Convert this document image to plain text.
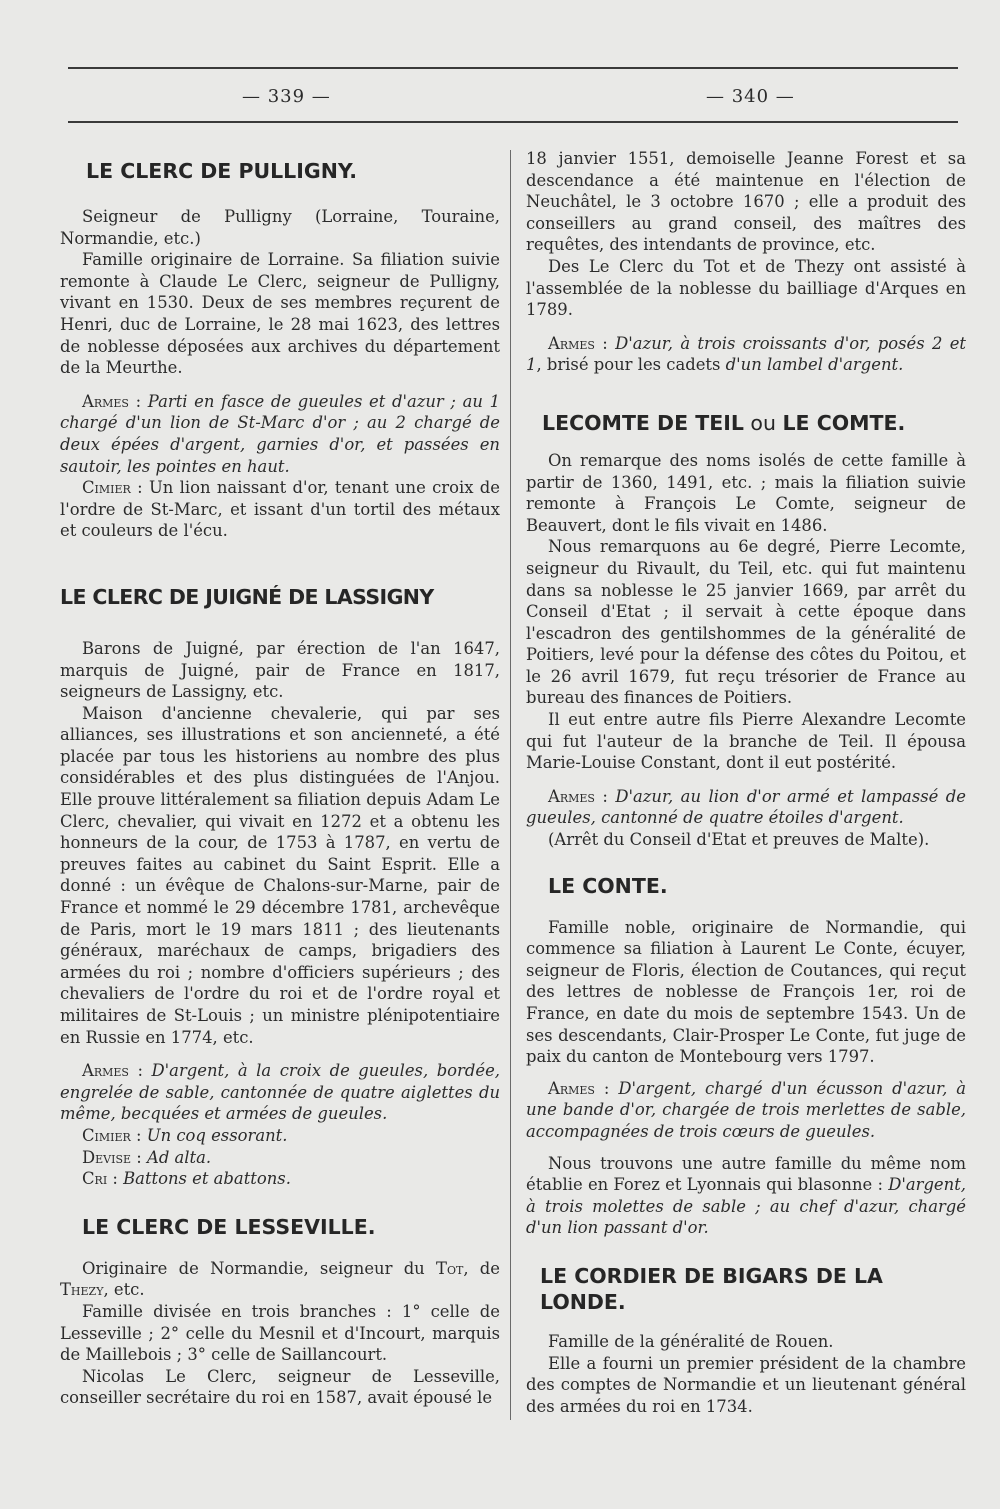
— 339 —	— 340 —
LE CLERC DE PULLIGNY.

Seigneur de Pulligny (Lorraine, Touraine, Normandie, etc.)

Famille originaire de Lorraine. Sa filiation suivie remonte à Claude Le Clerc, seigneur de Pulligny, vivant en 1530. Deux de ses membres reçurent de Henri, duc de Lorraine, le 28 mai 1623, des lettres de noblesse déposées aux archives du département de la Meurthe.

Armes : Parti en fasce de gueules et d'azur ; au 1 chargé d'un lion de St-Marc d'or ; au 2 chargé de deux épées d'argent, garnies d'or, et passées en sautoir, les pointes en haut.

Cimier : Un lion naissant d'or, tenant une croix de l'ordre de St-Marc, et issant d'un tortil des métaux et couleurs de l'écu.

LE CLERC DE JUIGNÉ DE LASSIGNY

Barons de Juigné, par érection de l'an 1647, marquis de Juigné, pair de France en 1817, seigneurs de Lassigny, etc.

Maison d'ancienne chevalerie, qui par ses alliances, ses illustrations et son ancienneté, a été placée par tous les historiens au nombre des plus considérables et des plus distinguées de l'Anjou. Elle prouve littéralement sa filiation depuis Adam Le Clerc, chevalier, qui vivait en 1272 et a obtenu les honneurs de la cour, de 1753 à 1787, en vertu de preuves faites au cabinet du Saint Esprit. Elle a donné : un évêque de Chalons-sur-Marne, pair de France et nommé le 29 décembre 1781, archevêque de Paris, mort le 19 mars 1811 ; des lieutenants généraux, maréchaux de camps, brigadiers des armées du roi ; nombre d'officiers supérieurs ; des chevaliers de l'ordre du roi et de l'ordre royal et militaires de St-Louis ; un ministre plénipotentiaire en Russie en 1774, etc.

Armes : D'argent, à la croix de gueules, bordée, engrelée de sable, cantonnée de quatre aiglettes du même, becquées et armées de gueules.

Cimier : Un coq essorant.

Devise : Ad alta.

Cri : Battons et abattons.

LE CLERC DE LESSEVILLE.

Originaire de Normandie, seigneur du Tot, de Thezy, etc.

Famille divisée en trois branches : 1° celle de Lesseville ; 2° celle du Mesnil et d'Incourt, marquis de Maillebois ; 3° celle de Saillancourt.

Nicolas Le Clerc, seigneur de Lesseville, conseiller secrétaire du roi en 1587, avait épousé le

18 janvier 1551, demoiselle Jeanne Forest et sa descendance a été maintenue en l'élection de Neuchâtel, le 3 octobre 1670 ; elle a produit des conseillers au grand conseil, des maîtres des requêtes, des intendants de province, etc.

Des Le Clerc du Tot et de Thezy ont assisté à l'assemblée de la noblesse du bailliage d'Arques en 1789.

Armes : D'azur, à trois croissants d'or, posés 2 et 1, brisé pour les cadets d'un lambel d'argent.

LECOMTE DE TEIL ou LE COMTE.

On remarque des noms isolés de cette famille à partir de 1360, 1491, etc. ; mais la filiation suivie remonte à François Le Comte, seigneur de Beauvert, dont le fils vivait en 1486.

Nous remarquons au 6e degré, Pierre Lecomte, seigneur du Rivault, du Teil, etc. qui fut maintenu dans sa noblesse le 25 janvier 1669, par arrêt du Conseil d'Etat ; il servait à cette époque dans l'escadron des gentilshommes de la généralité de Poitiers, levé pour la défense des côtes du Poitou, et le 26 avril 1679, fut reçu trésorier de France au bureau des finances de Poitiers.

Il eut entre autre fils Pierre Alexandre Lecomte qui fut l'auteur de la branche de Teil. Il épousa Marie-Louise Constant, dont il eut postérité.

Armes : D'azur, au lion d'or armé et lampassé de gueules, cantonné de quatre étoiles d'argent.

(Arrêt du Conseil d'Etat et preuves de Malte).

LE CONTE.

Famille noble, originaire de Normandie, qui commence sa filiation à Laurent Le Conte, écuyer, seigneur de Floris, élection de Coutances, qui reçut des lettres de noblesse de François 1er, roi de France, en date du mois de septembre 1543. Un de ses descendants, Clair-Prosper Le Conte, fut juge de paix du canton de Montebourg vers 1797.

Armes : D'argent, chargé d'un écusson d'azur, à une bande d'or, chargée de trois merlettes de sable, accompagnées de trois cœurs de gueules.

Nous trouvons une autre famille du même nom établie en Forez et Lyonnais qui blasonne : D'argent, à trois molettes de sable ; au chef d'azur, chargé d'un lion passant d'or.

LE CORDIER DE BIGARS DE LA LONDE.

Famille de la généralité de Rouen.

Elle a fourni un premier président de la chambre des comptes de Normandie et un lieutenant général des armées du roi en 1734.
